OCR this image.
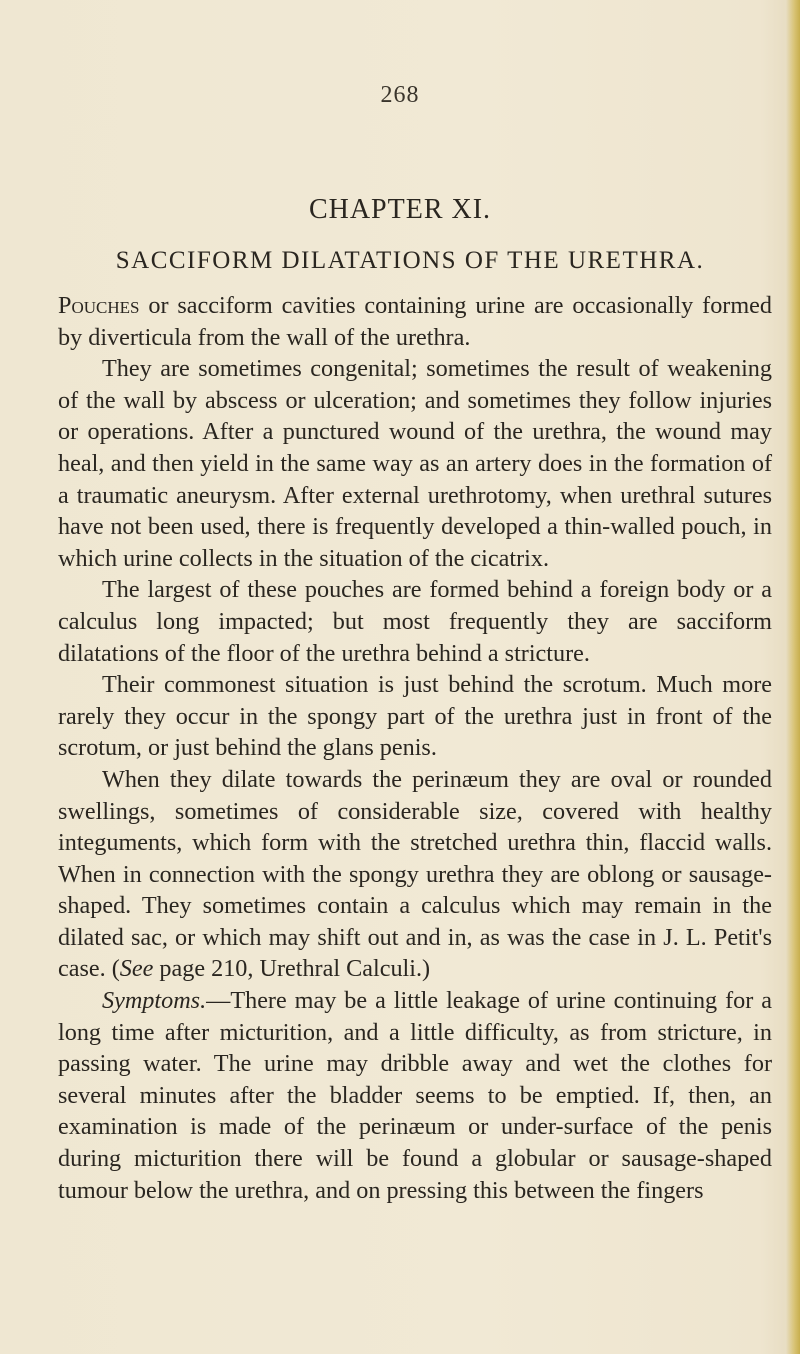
268
CHAPTER XI.
SACCIFORM DILATATIONS OF THE URETHRA.

Pouches or sacciform cavities containing urine are occasionally formed by diverticula from the wall of the urethra.

They are sometimes congenital; sometimes the result of weakening of the wall by abscess or ulceration; and sometimes they follow injuries or operations. After a punctured wound of the urethra, the wound may heal, and then yield in the same way as an artery does in the formation of a traumatic aneurysm. After external urethrotomy, when urethral sutures have not been used, there is frequently developed a thin-walled pouch, in which urine collects in the situation of the cicatrix.

The largest of these pouches are formed behind a foreign body or a calculus long impacted; but most frequently they are sacciform dilatations of the floor of the urethra behind a stricture.

Their commonest situation is just behind the scrotum. Much more rarely they occur in the spongy part of the urethra just in front of the scrotum, or just behind the glans penis.

When they dilate towards the perinæum they are oval or rounded swellings, sometimes of considerable size, covered with healthy integuments, which form with the stretched urethra thin, flaccid walls. When in connection with the spongy urethra they are oblong or sausage-shaped. They sometimes contain a calculus which may remain in the dilated sac, or which may shift out and in, as was the case in J. L. Petit's case. (See page 210, Urethral Calculi.)

Symptoms.—There may be a little leakage of urine continuing for a long time after micturition, and a little difficulty, as from stricture, in passing water. The urine may dribble away and wet the clothes for several minutes after the bladder seems to be emptied. If, then, an examination is made of the perinæum or under-surface of the penis during micturition there will be found a globular or sausage-shaped tumour below the urethra, and on pressing this between the fingers
